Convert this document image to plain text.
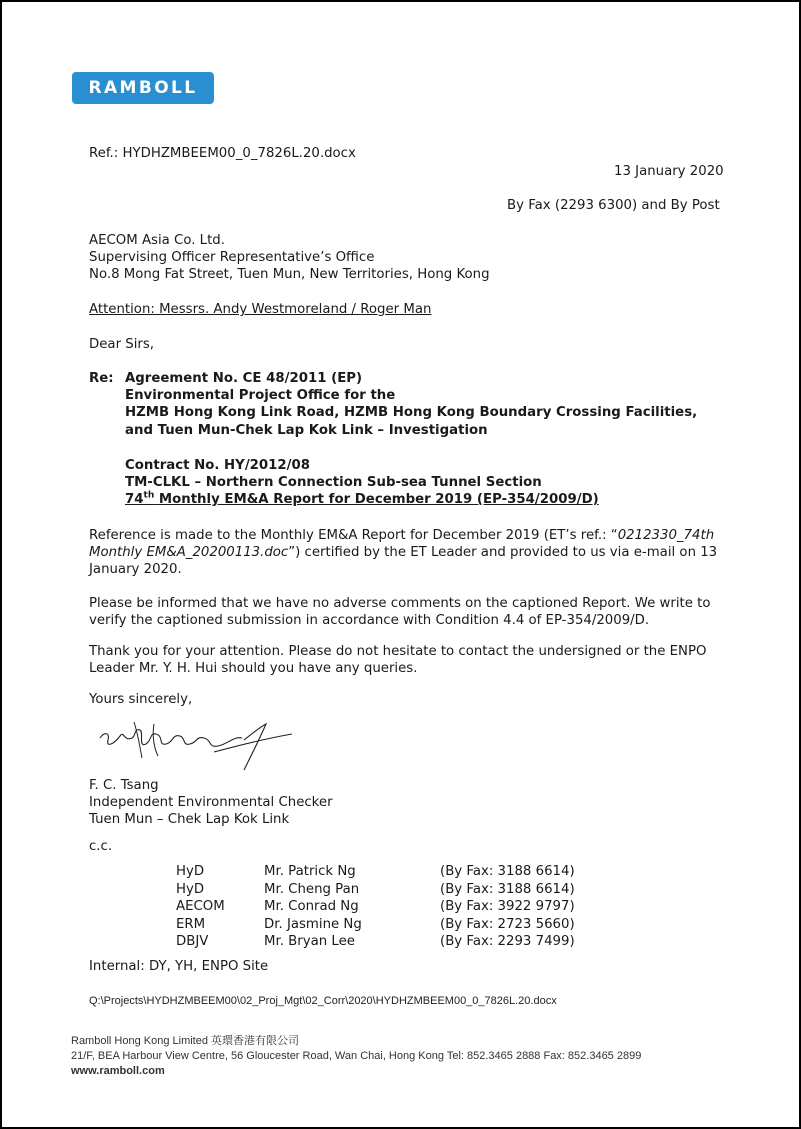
RAMBOLL
Ref.: HYDHZMBEEM00_0_7826L.20.docx
13 January 2020
By Fax (2293 6300) and By Post
AECOM Asia Co. Ltd.
Supervising Officer Representative’s Office
No.8 Mong Fat Street, Tuen Mun, New Territories, Hong Kong
Attention: Messrs. Andy Westmoreland / Roger Man
Dear Sirs,
Re: Agreement No. CE 48/2011 (EP)
Environmental Project Office for the
HZMB Hong Kong Link Road, HZMB Hong Kong Boundary Crossing Facilities,
and Tuen Mun-Chek Lap Kok Link – Investigation
Contract No. HY/2012/08
TM-CLKL – Northern Connection Sub-sea Tunnel Section
74th Monthly EM&A Report for December 2019 (EP-354/2009/D)
Reference is made to the Monthly EM&A Report for December 2019 (ET’s ref.: “0212330_74th
Monthly EM&A_20200113.doc”) certified by the ET Leader and provided to us via e-mail on 13
January 2020.
Please be informed that we have no adverse comments on the captioned Report. We write to
verify the captioned submission in accordance with Condition 4.4 of EP-354/2009/D.
Thank you for your attention. Please do not hesitate to contact the undersigned or the ENPO
Leader Mr. Y. H. Hui should you have any queries.
Yours sincerely,
F. C. Tsang
Independent Environmental Checker
Tuen Mun – Chek Lap Kok Link
c.c.
HyD	Mr. Patrick Ng	(By Fax: 3188 6614)
HyD	Mr. Cheng Pan	(By Fax: 3188 6614)
AECOM	Mr. Conrad Ng	(By Fax: 3922 9797)
ERM	Dr. Jasmine Ng	(By Fax: 2723 5660)
DBJV	Mr. Bryan Lee	(By Fax: 2293 7499)
Internal: DY, YH, ENPO Site
Q:\Projects\HYDHZMBEEM00\02_Proj_Mgt\02_Corr\2020\HYDHZMBEEM00_0_7826L.20.docx
Ramboll Hong Kong Limited 英環香港有限公司
21/F, BEA Harbour View Centre, 56 Gloucester Road, Wan Chai, Hong Kong Tel: 852.3465 2888 Fax: 852.3465 2899
www.ramboll.com
